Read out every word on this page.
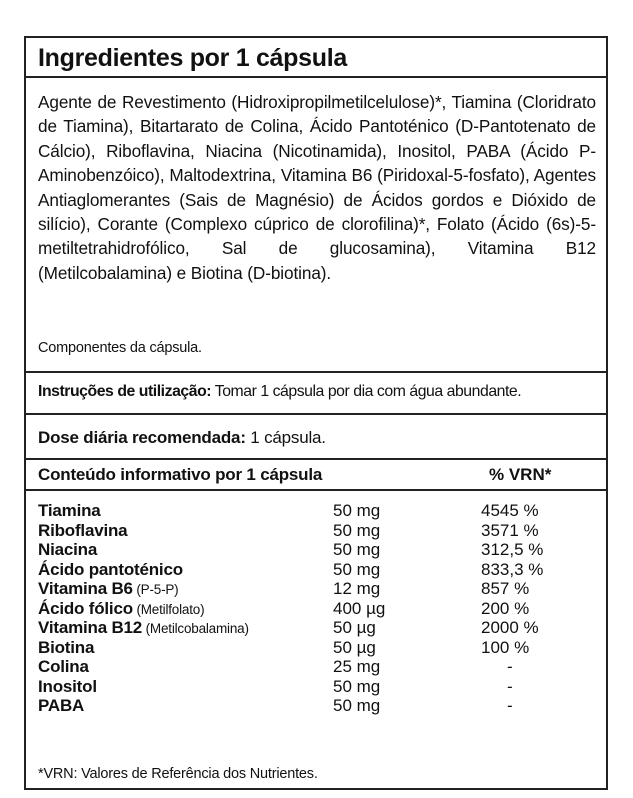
Ingredientes por 1 cápsula
Agente de Revestimento (Hidroxipropilmetilcelulose)*, Tiamina (Cloridrato de Tiamina), Bitartarato de Colina, Ácido Pantoténico (D-Pantotenato de Cálcio), Riboflavina, Niacina (Nicotinamida), Inositol, PABA (Ácido P-Aminobenzóico), Maltodextrina, Vitamina B6 (Piridoxal-5-fosfato), Agentes Antiaglomerantes (Sais de Magnésio) de Ácidos gordos e Dióxido de silício), Corante (Complexo cúprico de clorofilina)*, Folato (Ácido (6s)-5-metiltetrahidrofólico, Sal de glucosamina), Vitamina B12 (Metilcobalamina) e Biotina (D-biotina).
Componentes da cápsula.
Instruções de utilização: Tomar 1 cápsula por dia com água abundante.
Dose diária recomendada: 1 cápsula.
Conteúdo informativo por 1 cápsula	% VRN*
Tiamina	50 mg	4545 %
Riboflavina	50 mg	3571 %
Niacina	50 mg	312,5 %
Ácido pantoténico	50 mg	833,3 %
Vitamina B6 (P-5-P)	12 mg	857 %
Ácido fólico (Metilfolato)	400 µg	200 %
Vitamina B12 (Metilcobalamina)	50 µg	2000 %
Biotina	50 µg	100 %
Colina	25 mg	-
Inositol	50 mg	-
PABA	50 mg	-
*VRN: Valores de Referência dos Nutrientes.
